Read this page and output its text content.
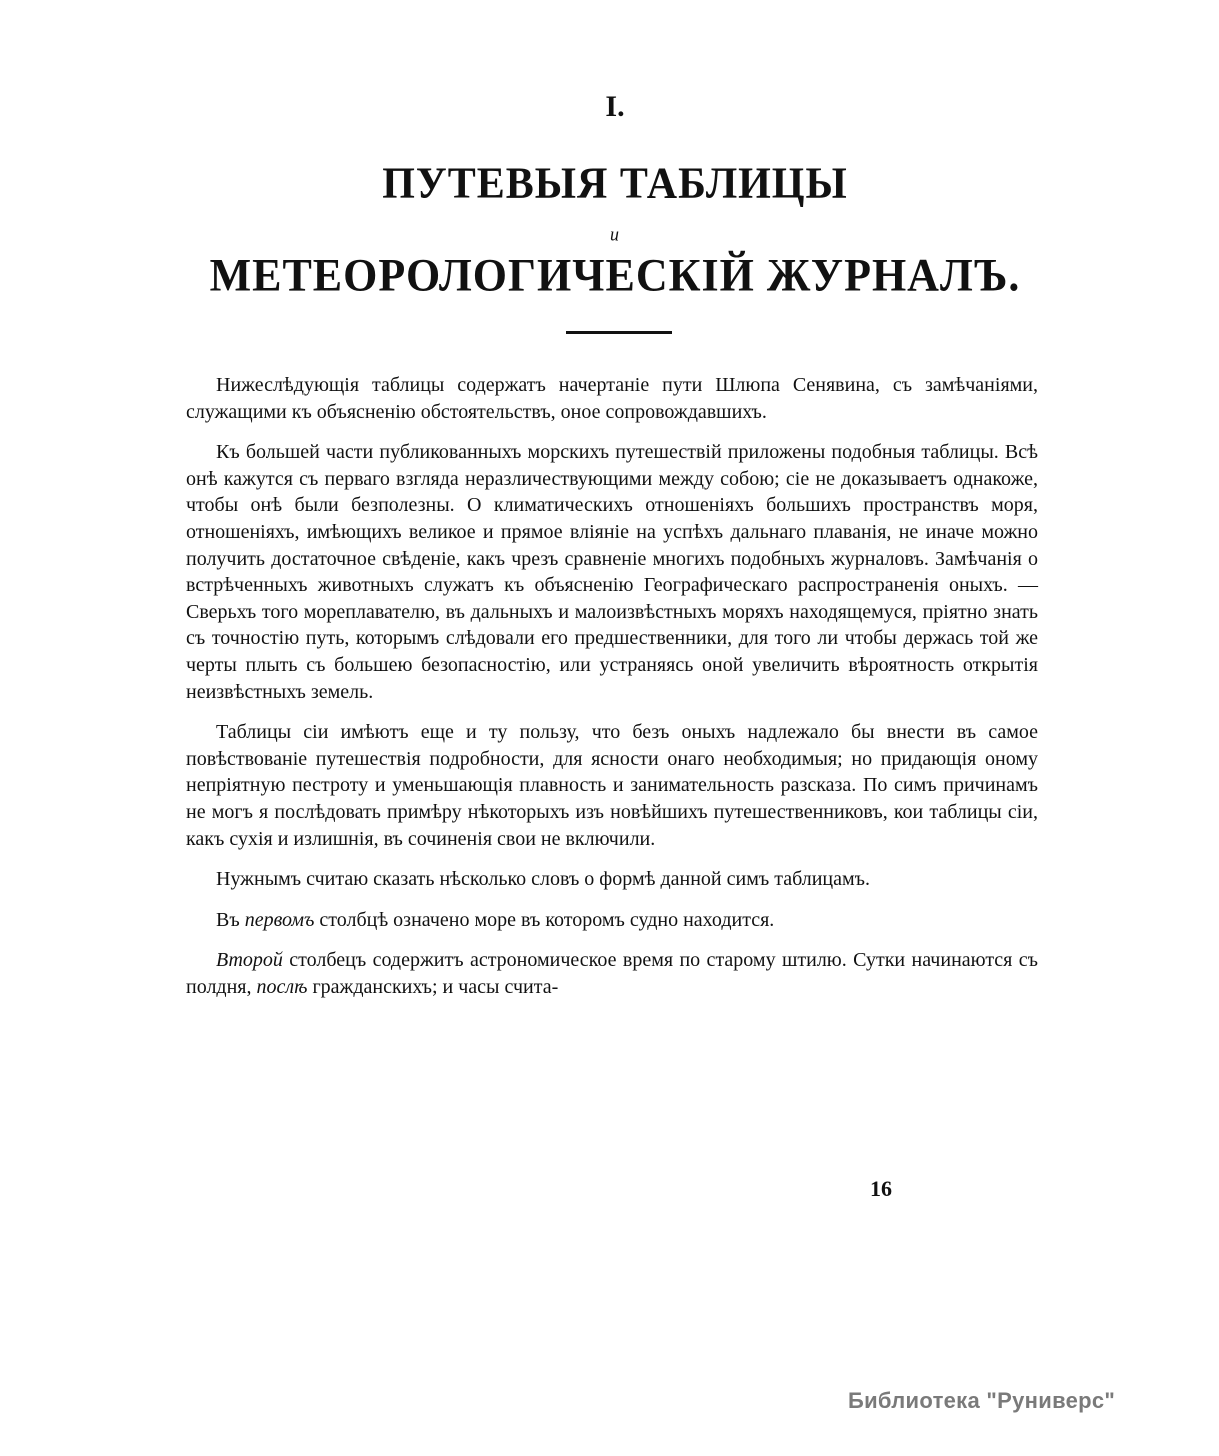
I.
ПУТЕВЫЯ ТАБЛИЦЫ
и
МЕТЕОРОЛОГИЧЕСКІЙ ЖУРНАЛЪ.

Нижеслѣдующія таблицы содержатъ начертаніе пути Шлюпа Сенявина, съ замѣчаніями, служащими къ объясненію обстоятельствъ, оное сопровождавшихъ.

Къ большей части публикованныхъ морскихъ путешествій приложены подобныя таблицы. Всѣ онѣ кажутся съ перваго взгляда неразличествующими между собою; сіе не доказываетъ однакоже, чтобы онѣ были безполезны. О климатическихъ отношеніяхъ большихъ пространствъ моря, отношеніяхъ, имѣющихъ великое и прямое вліяніе на успѣхъ дальнаго плаванія, не иначе можно получить достаточное свѣденіе, какъ чрезъ сравненіе многихъ подобныхъ журналовъ. Замѣчанія о встрѣченныхъ животныхъ служатъ къ объясненію Географическаго распространенія оныхъ. — Сверьхъ того мореплавателю, въ дальныхъ и малоизвѣстныхъ моряхъ находящемуся, пріятно знать съ точностію путь, которымъ слѣдовали его предшественники, для того ли чтобы держась той же черты плыть съ большею безопасностію, или устраняясь оной увеличить вѣроятность открытія неизвѣстныхъ земель.

Таблицы сіи имѣютъ еще и ту пользу, что безъ оныхъ надлежало бы внести въ самое повѣствованіе путешествія подробности, для ясности онаго необходимыя; но придающія оному непріятную пестроту и уменьшающія плавность и занимательность разсказа. По симъ причинамъ не могъ я послѣдовать примѣру нѣкоторыхъ изъ новѣйшихъ путешественниковъ, кои таблицы сіи, какъ сухія и излишнія, въ сочиненія свои не включили.

Нужнымъ считаю сказать нѣсколько словъ о формѣ данной симъ таблицамъ.

Въ первомъ столбцѣ означено море въ которомъ судно находится.

Второй столбецъ содержитъ астрономическое время по старому штилю. Сутки начинаются съ полдня, послѣ гражданскихъ; и часы счита-

16
Библиотека "Руниверс"
